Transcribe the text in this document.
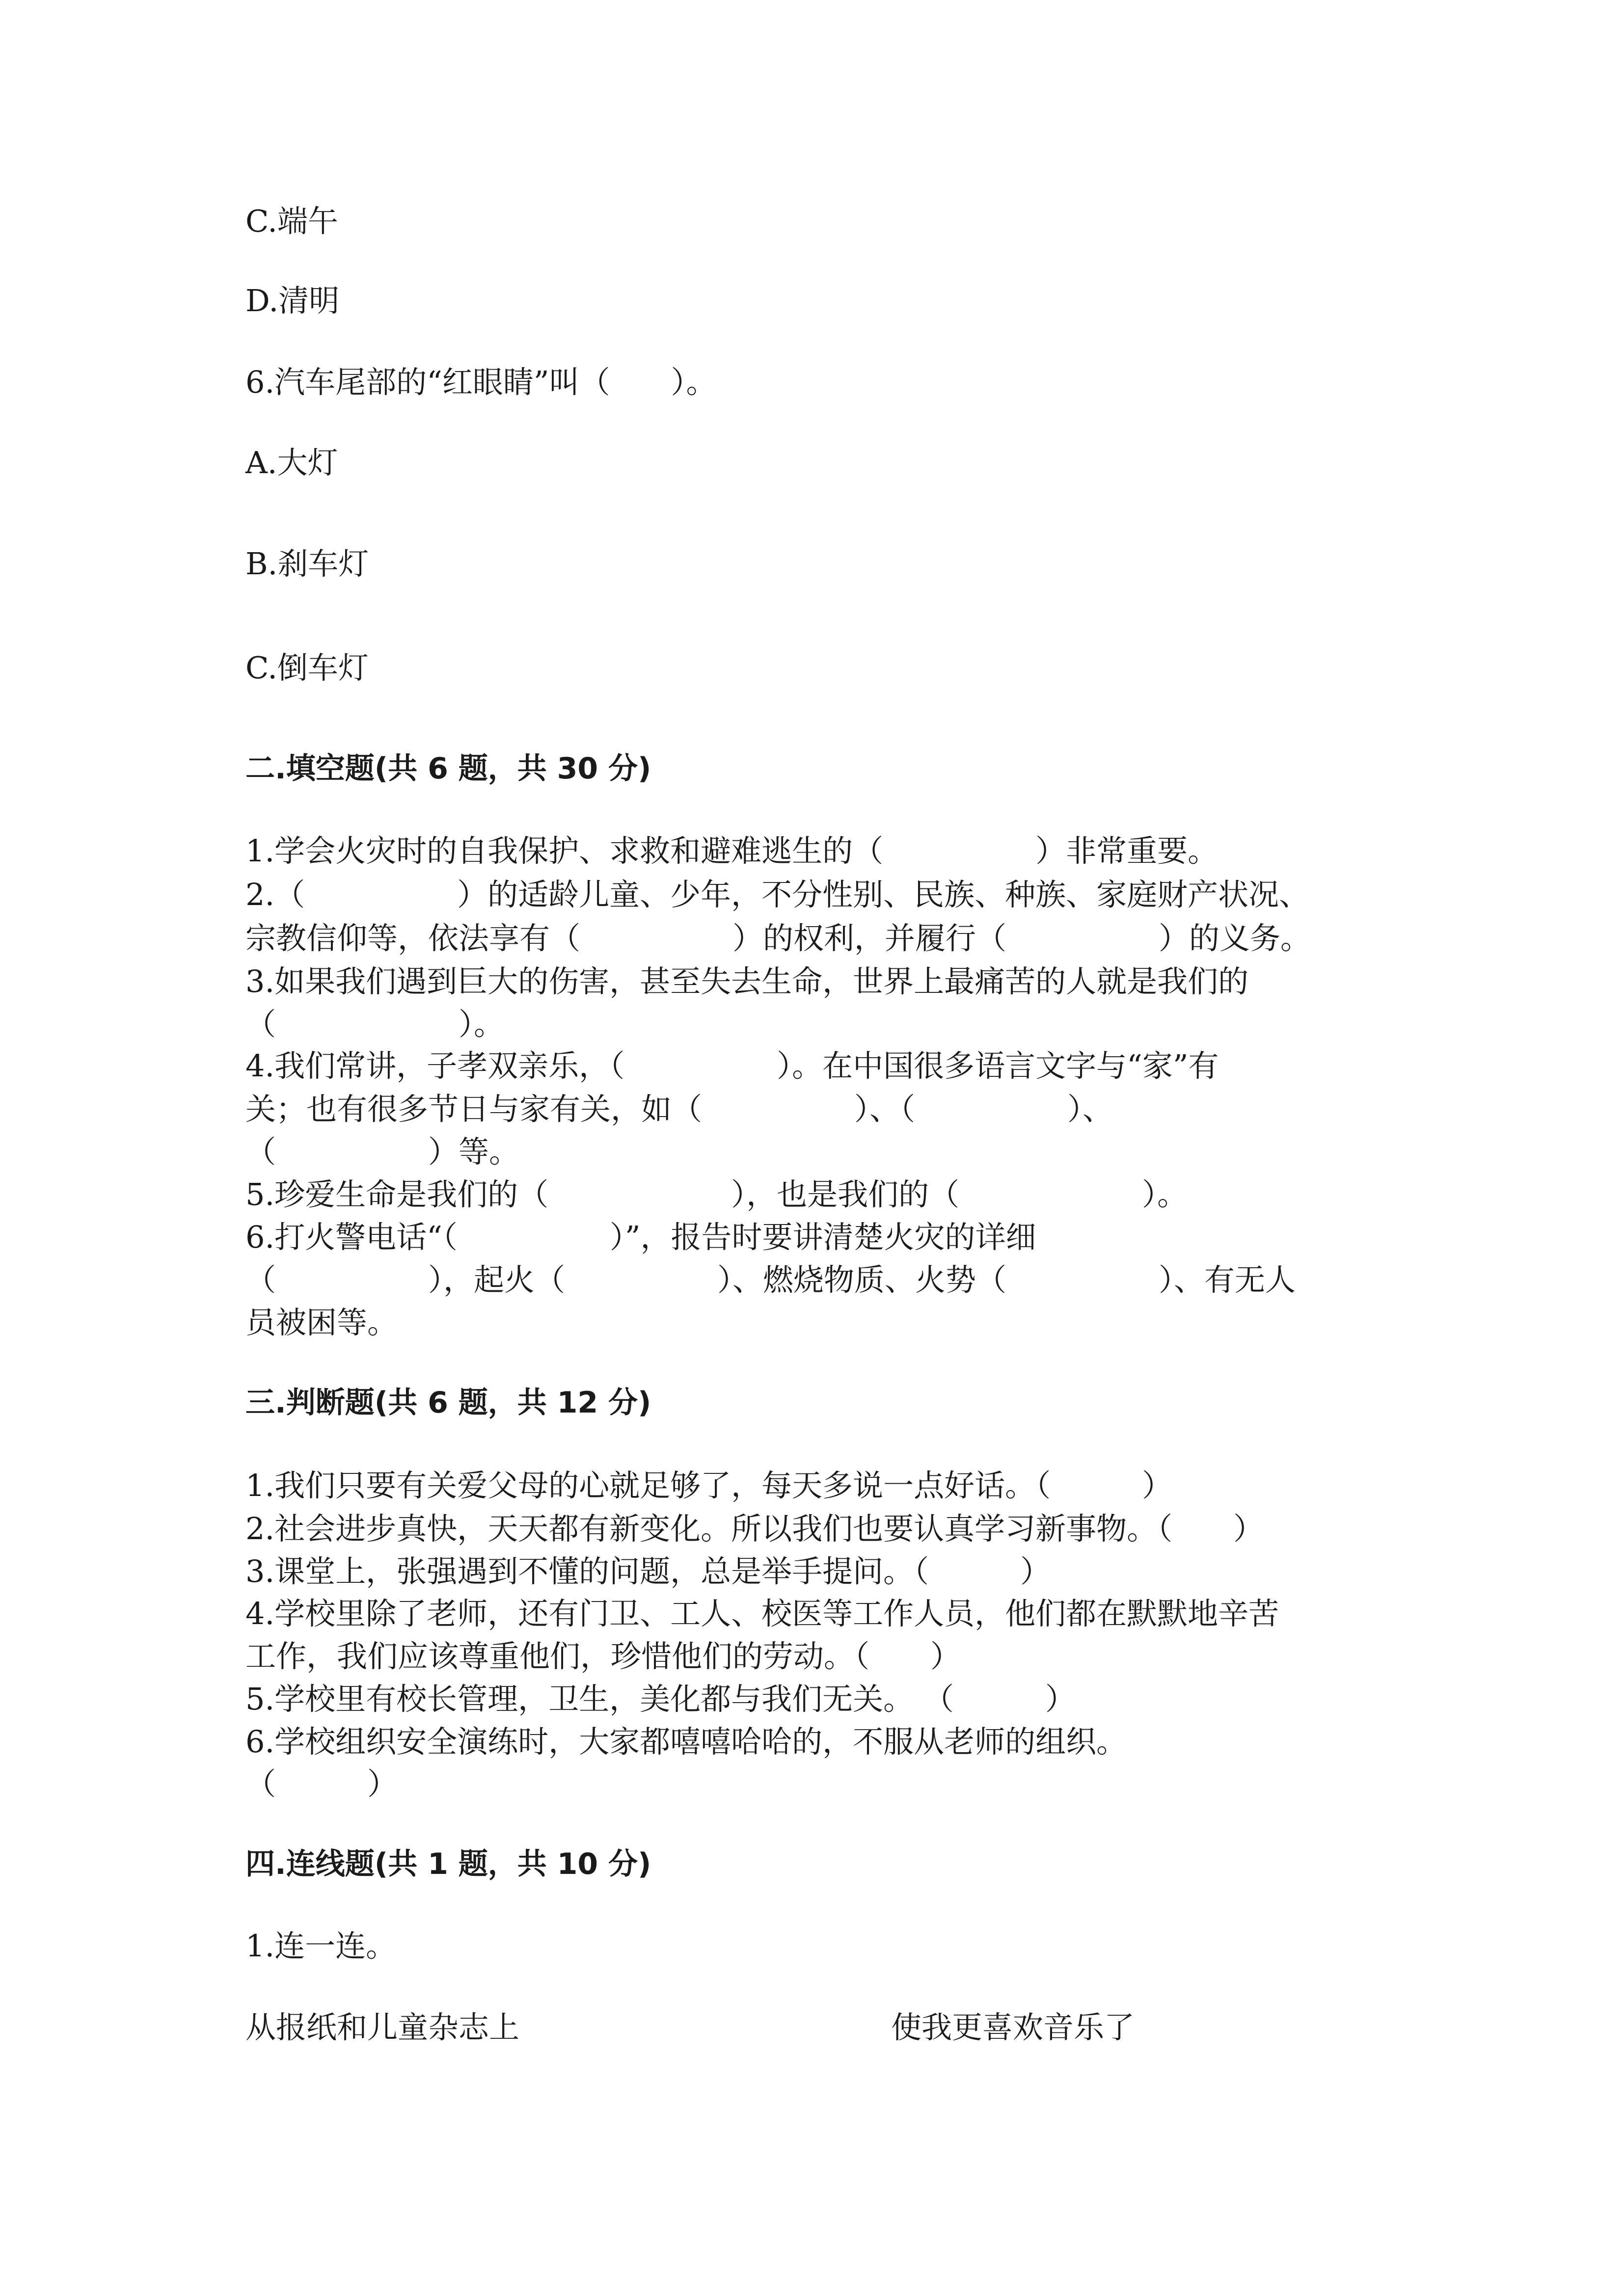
C.端午
D.清明
6.汽车尾部的“红眼睛”叫（　　）。
A.大灯
B.刹车灯
C.倒车灯
二.填空题(共 6 题，共 30 分)
1.学会火灾时的自我保护、求救和避难逃生的（　　　　　）非常重要。
2.（　　　　　）的适龄儿童、少年，不分性别、民族、种族、家庭财产状况、
宗教信仰等，依法享有（　　　　　）的权利，并履行（　　　　　）的义务。
3.如果我们遇到巨大的伤害，甚至失去生命，世界上最痛苦的人就是我们的
（　　　　　　）。
4.我们常讲，子孝双亲乐，（　　　　　）。在中国很多语言文字与“家”有
关；也有很多节日与家有关，如（　　　　　）、（　　　　　）、
（　　　　　）等。
5.珍爱生命是我们的（　　　　　　），也是我们的（　　　　　　）。
6.打火警电话“（　　　　　）”，报告时要讲清楚火灾的详细
（　　　　　），起火（　　　　　）、燃烧物质、火势（　　　　　）、有无人
员被困等。
三.判断题(共 6 题，共 12 分)
1.我们只要有关爱父母的心就足够了，每天多说一点好话。（　　　）
2.社会进步真快，天天都有新变化。所以我们也要认真学习新事物。（　　）
3.课堂上，张强遇到不懂的问题，总是举手提问。（　　　）
4.学校里除了老师，还有门卫、工人、校医等工作人员，他们都在默默地辛苦
工作，我们应该尊重他们，珍惜他们的劳动。（　　）
5.学校里有校长管理，卫生，美化都与我们无关。 （　　　）
6.学校组织安全演练时，大家都嘻嘻哈哈的，不服从老师的组织。
（　　　）
四.连线题(共 1 题，共 10 分)
1.连一连。
从报纸和儿童杂志上	使我更喜欢音乐了
